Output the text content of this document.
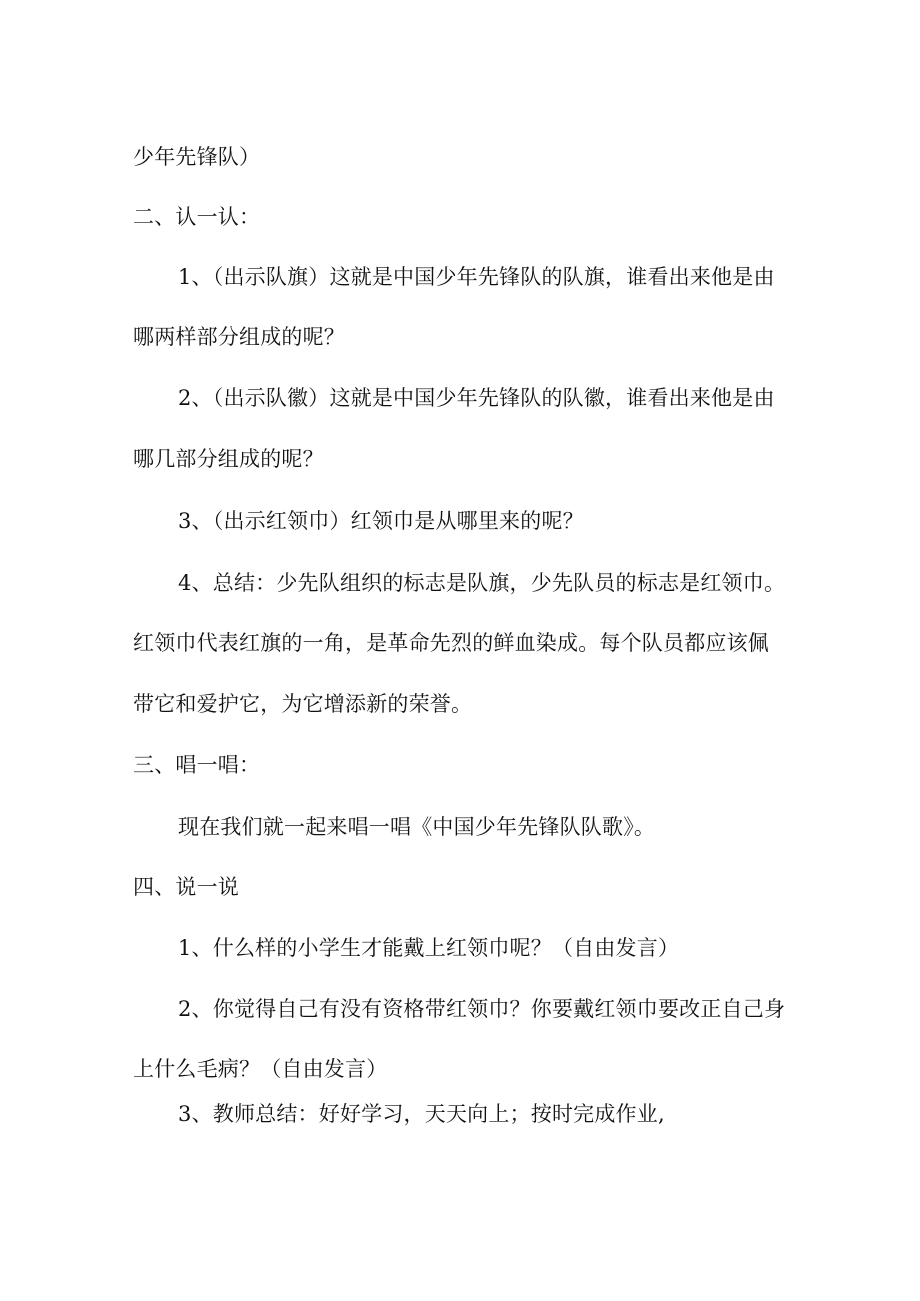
少年先锋队）
二、认一认：
1、（出示队旗）这就是中国少年先锋队的队旗，谁看出来他是由
哪两样部分组成的呢？
2、（出示队徽）这就是中国少年先锋队的队徽，谁看出来他是由
哪几部分组成的呢？
3、（出示红领巾）红领巾是从哪里来的呢？
4、总结：少先队组织的标志是队旗，少先队员的标志是红领巾。
红领巾代表红旗的一角，是革命先烈的鲜血染成。每个队员都应该佩
带它和爱护它，为它增添新的荣誉。
三、唱一唱：
现在我们就一起来唱一唱《中国少年先锋队队歌》。
四、说一说
1、什么样的小学生才能戴上红领巾呢？（自由发言）
2、你觉得自己有没有资格带红领巾？你要戴红领巾要改正自己身
上什么毛病？（自由发言）
3、教师总结：好好学习，天天向上；按时完成作业,
